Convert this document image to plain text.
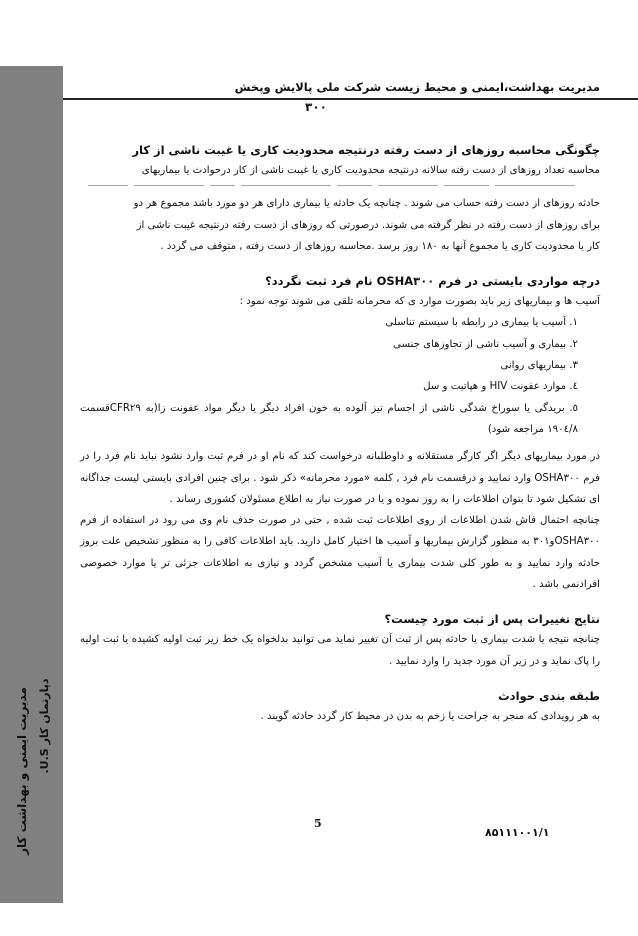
مدیریت ایمنی و بهداشت کار دپارتمان کار U.S.
مدیریت بهداشت،ایمنی و محیط زیست شرکت ملی پالایش وپخش
۳۰۰
چگونگی محاسبه روزهای از دست رفته درنتیجه محدودیت کاری یا غیبت ناشی از کار

محاسبه تعداد روزهای از دست رفته سالانه درنتیجه محدودیت کاری یا غیبت ناشی از کار درحوادث یا بیماریهای

حادثه روزهای از دست رفته حساب می شوند . چنانچه یک حادثه یا بیماری دارای هر دو مورد باشد مجموع هر دو

برای روزهای از دست رفته در نظر گرفته می شوند. درصورتی که روزهای از دست رفته درنتیجه غیبت ناشی از

کار یا محدودیت کاری یا مجموع آنها به ۱۸۰ روز برسد .محاسبه روزهای از دست رفته , متوقف می گردد .

درچه مواردی بایستی در فرم OSHA۳۰۰ نام فرد ثبت نگردد؟

آسیب ها و بیماریهای زیر باید بصورت موارد ی که محرمانه تلقی می شوند توجه نمود :

۱. آسیب یا بیماری در رابطه با سیستم تناسلی
۲. بیماری و آسیب ناشی از تجاوزهای جنسی
۳. بیماریهای روانی
٤. موارد عفونت HIV و هپاتیت و سل
٥. بریدگی یا سوراخ شدگی ناشی از اجسام تیز آلوده به خون افراد دیگر یا دیگر مواد عفونت زا(به CFR۲۹قسمت ۱۹۰٤/۸ مراجعه شود)

در مورد بیماریهای دیگر اگر کارگر مستقلانه و داوطلبانه درخواست کند که نام او در فرم ثبت وارد نشود نباید نام فرد را در فرم OSHA۳۰۰ وارد نمایید و درقسمت نام فرد , کلمه «مورد محرمانه» ذکر شود . برای چنین افرادی بایستی لیست جداگانه ای تشکیل شود تا بتوان اطلاعات را به روز نموده و یا در صورت نیاز به اطلاع مسئولان کشوری رساند .

چنانچه احتمال فاش شدن اطلاعات از روی اطلاعات ثبت شده , حتی در صورت حذف نام وی می رود در استفاده از فرم OSHA۳۰۰و۳۰۱ به منظور گزارش بیماریها و آسیب ها اختیار کامل دارید. باید اطلاعات کافی را به منظور تشخیص علت بروز حادثه وارد نمایید و به طور کلی شدت بیماری یا آسیب مشخص گردد و نیازی به اطلاعات جزئی تر یا موارد خصوصی افرادنمی باشد .

نتایج تغییرات پس از ثبت مورد چیست؟

چنانچه نتیجه یا شدت بیماری یا حادثه پس از ثبت آن تغییر نماید می توانید بدلخواه یک خط زیر ثبت اولیه کشیده یا ثبت اولیه را پاک نماید و در زیر آن مورد جدید را وارد نمایید .

طبقه بندی حوادث

به هر رویدادی که منجر به جراحت یا زخم به بدن در محیط کار گردد حادثه گویند .

5
۸۵۱۱۱۰۰۱/۱
